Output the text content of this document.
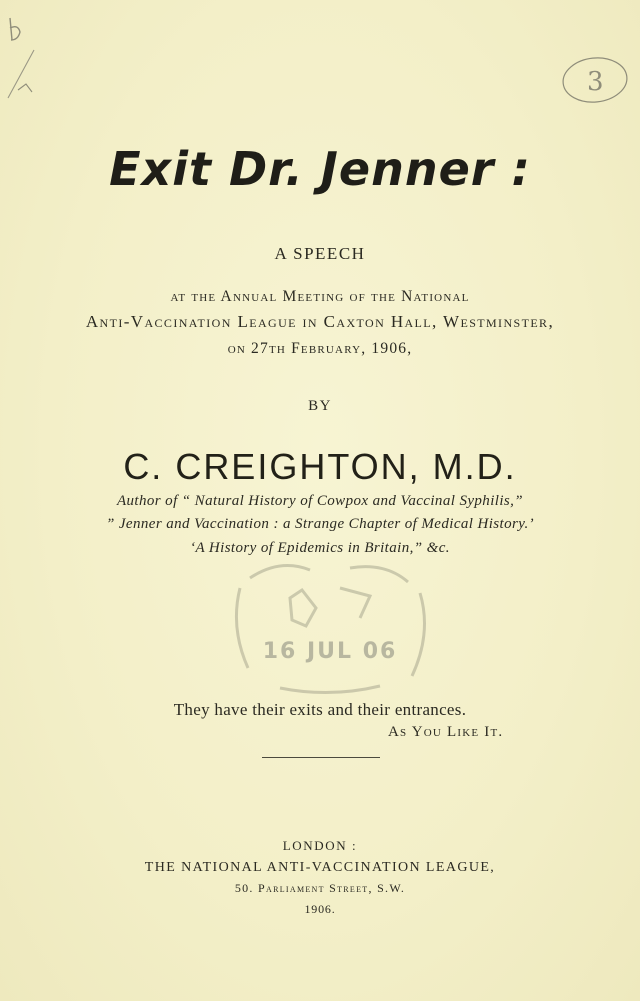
3
Exit Dr. Jenner :
A SPEECH
at the Annual Meeting of the National
Anti-Vaccination League in Caxton Hall, Westminster,
on 27th February, 1906,
BY
C. CREIGHTON, M.D.
Author of “ Natural History of Cowpox and Vaccinal Syphilis,”
” Jenner and Vaccination : a Strange Chapter of Medical History.’
‘A History of Epidemics in Britain,” &c.
16 JUL 06
They have their exits and their entrances.
As You Like It.
LONDON :
THE NATIONAL ANTI-VACCINATION LEAGUE,
50. Parliament Street, S.W.
1906.
